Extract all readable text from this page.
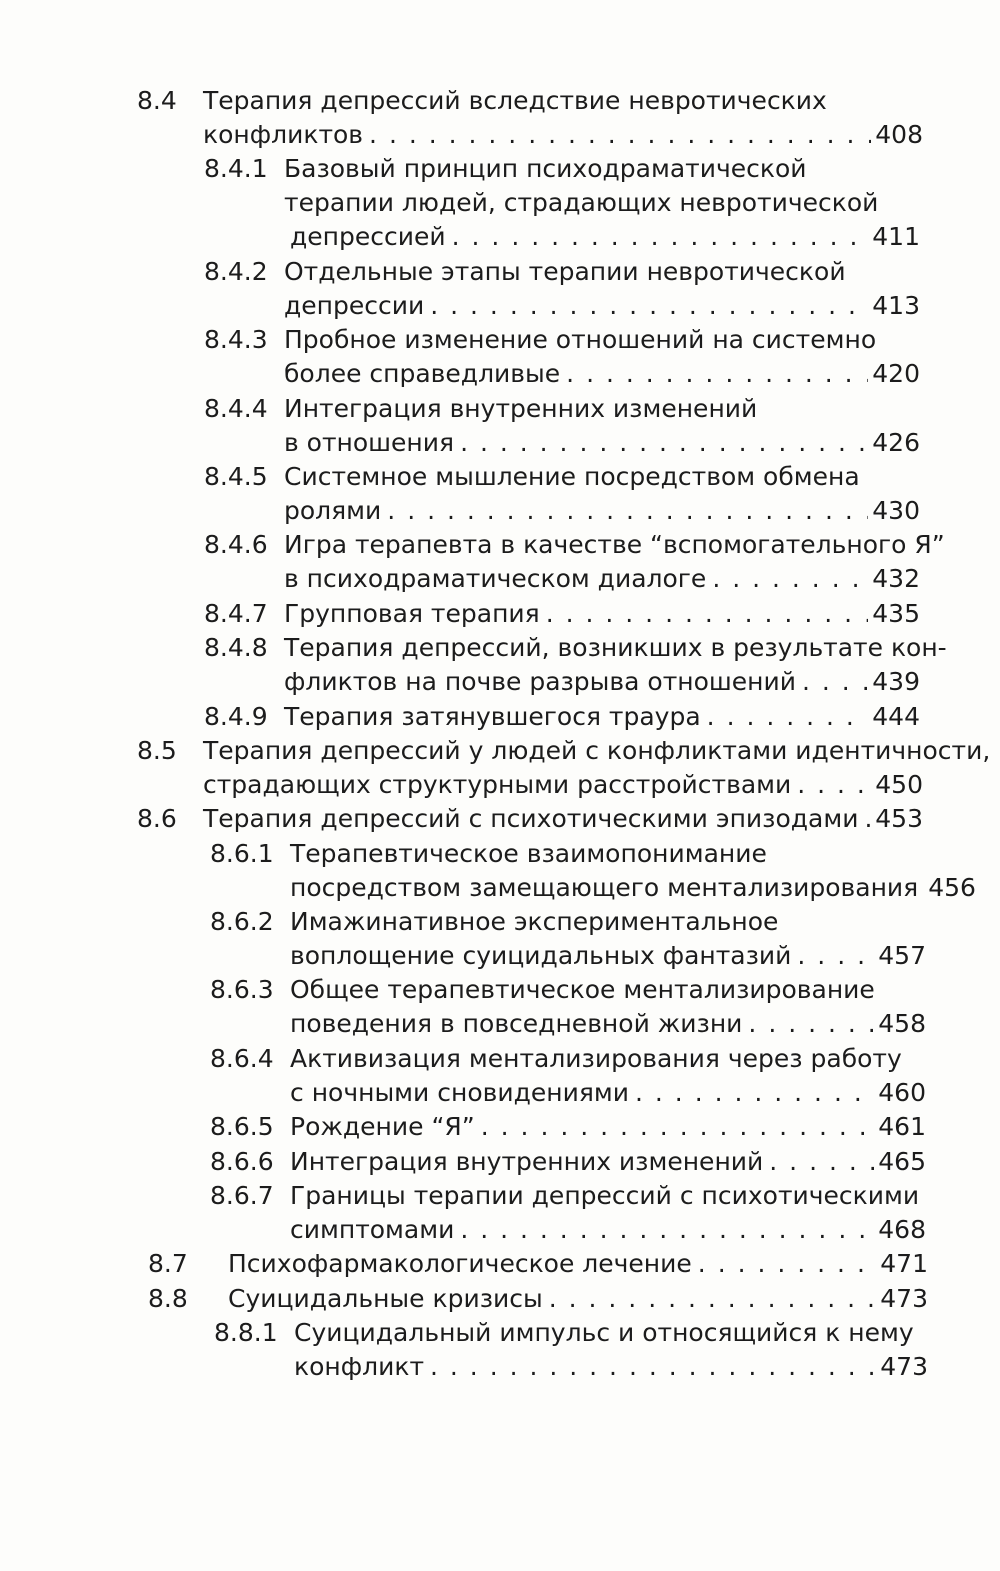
8.4 Терапия депрессий вследствие невротических
конфликтов . . .	408
8.4.1 Базовый принцип психодраматической
терапии людей, страдающих невротической
депрессией . . .	411
8.4.2 Отдельные этапы терапии невротической
депрессии . . .	413
8.4.3 Пробное изменение отношений на системно
более справедливые . . .	420
8.4.4 Интеграция внутренних изменений
в отношения . . .	426
8.4.5 Системное мышление посредством обмена
ролями . . .	430
8.4.6 Игра терапевта в качестве “вспомогательного Я”
в психодраматическом диалоге . . .	432
8.4.7 Групповая терапия . . .	435
8.4.8 Терапия депрессий, возникших в результате кон-
фликтов на почве разрыва отношений . . .	439
8.4.9 Терапия затянувшегося траура . . .	444
8.5 Терапия депрессий у людей с конфликтами идентичности,
страдающих структурными расстройствами . . .	450
8.6 Терапия депрессий с психотическими эпизодами . . . 453
8.6.1 Терапевтическое взаимопонимание
посредством замещающего ментализирования 456
8.6.2 Имажинативное экспериментальное
воплощение суицидальных фантазий . . .	457
8.6.3 Общее терапевтическое ментализирование
поведения в повседневной жизни . . .	458
8.6.4 Активизация ментализирования через работу
с ночными сновидениями . . .	460
8.6.5 Рождение “Я” . . .	461
8.6.6 Интеграция внутренних изменений . . .	465
8.6.7 Границы терапии депрессий с психотическими
симптомами . . .	468
8.7 Психофармакологическое лечение . . .	471
8.8 Суицидальные кризисы . . .	473
8.8.1 Суицидальный импульс и относящийся к нему
конфликт . . .	473
